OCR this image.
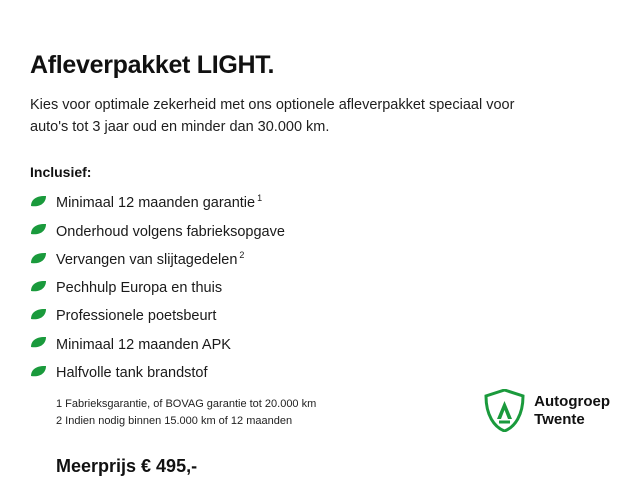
Afleverpakket LIGHT.

Kies voor optimale zekerheid met ons optionele afleverpakket speciaal voor auto's tot 3 jaar oud en minder dan 30.000 km.

Inclusief:
Minimaal 12 maanden garantie $^1$
Onderhoud volgens fabrieksopgave
Vervangen van slijtagedelen $^2$
Pechhulp Europa en thuis
Professionele poetsbeurt
Minimaal 12 maanden APK
Halfvolle tank brandstof
1 Fabrieksgarantie, of BOVAG garantie tot 20.000 km
2 Indien nodig binnen 15.000 km of 12 maanden
Meerprijs € 495,-
Autogroep
Twente
